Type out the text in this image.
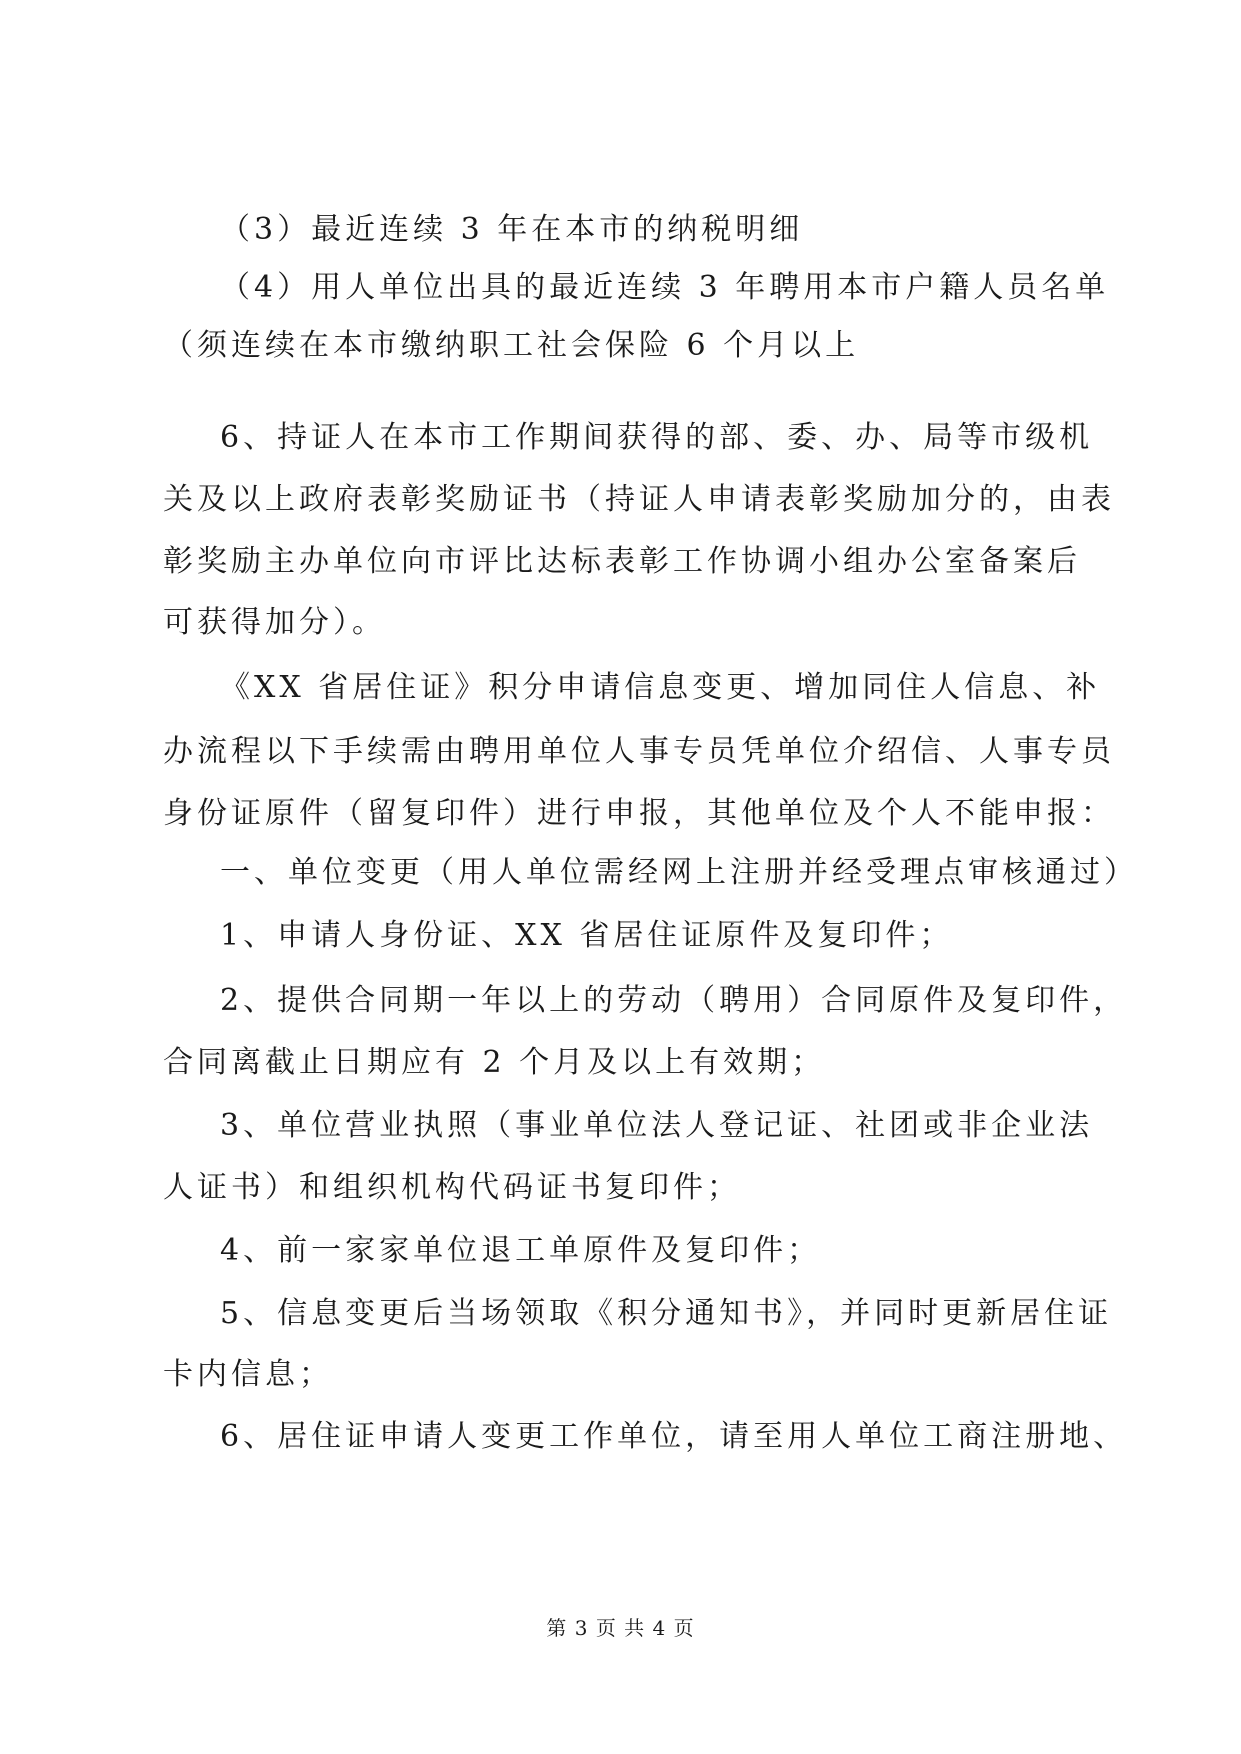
（3）最近连续 3 年在本市的纳税明细
（4）用人单位出具的最近连续 3 年聘用本市户籍人员名单
（须连续在本市缴纳职工社会保险 6 个月以上
6、持证人在本市工作期间获得的部、委、办、局等市级机
关及以上政府表彰奖励证书（持证人申请表彰奖励加分的，由表
彰奖励主办单位向市评比达标表彰工作协调小组办公室备案后
可获得加分）。
《XX 省居住证》积分申请信息变更、增加同住人信息、补
办流程以下手续需由聘用单位人事专员凭单位介绍信、人事专员
身份证原件（留复印件）进行申报，其他单位及个人不能申报：
一、单位变更（用人单位需经网上注册并经受理点审核通过）
1、申请人身份证、XX 省居住证原件及复印件；
2、提供合同期一年以上的劳动（聘用）合同原件及复印件，
合同离截止日期应有 2 个月及以上有效期；
3、单位营业执照（事业单位法人登记证、社团或非企业法
人证书）和组织机构代码证书复印件；
4、前一家家单位退工单原件及复印件；
5、信息变更后当场领取《积分通知书》，并同时更新居住证
卡内信息；
6、居住证申请人变更工作单位，请至用人单位工商注册地、
第 3 页 共 4 页
